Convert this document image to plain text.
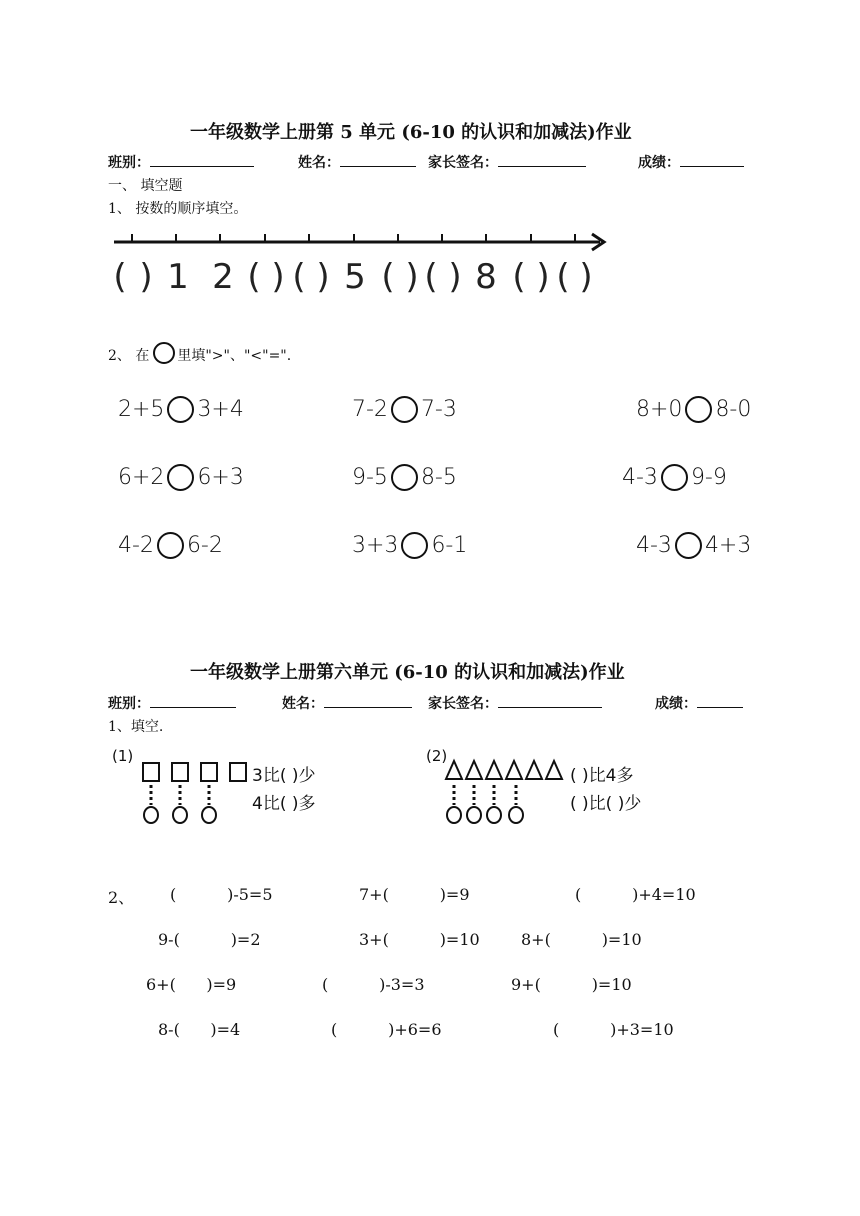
一年级数学上册第 5 单元 (6-10 的认识和加减法)作业
班别：	姓名：	家长签名：	成绩：
一、 填空题
1、 按数的顺序填空。
( ) 1 2 ( ) ( ) 5 ( ) ( ) 8 ( ) ( )
2、 在 里填">"、"<"=".
2+5 3+4	7-2 7-3	8+0 8-0
6+2 6+3	9-5 8-5	4-3 9-9
4-2 6-2	3+3 6-1	4-3 4+3
一年级数学上册第六单元 (6-10 的认识和加减法)作业
班别：	姓名：	家长签名：	成绩：
1、填空.
(1)
3比( )少
4比( )多
(2)
( )比4多
( )比( )少
2、 (          )-5=5	7+(          )=9	(          )+4=10
9-(          )=2	3+(          )=10	8+(          )=10
6+(      )=9	(          )-3=3	9+(          )=10
8-(      )=4	(          )+6=6	(          )+3=10
